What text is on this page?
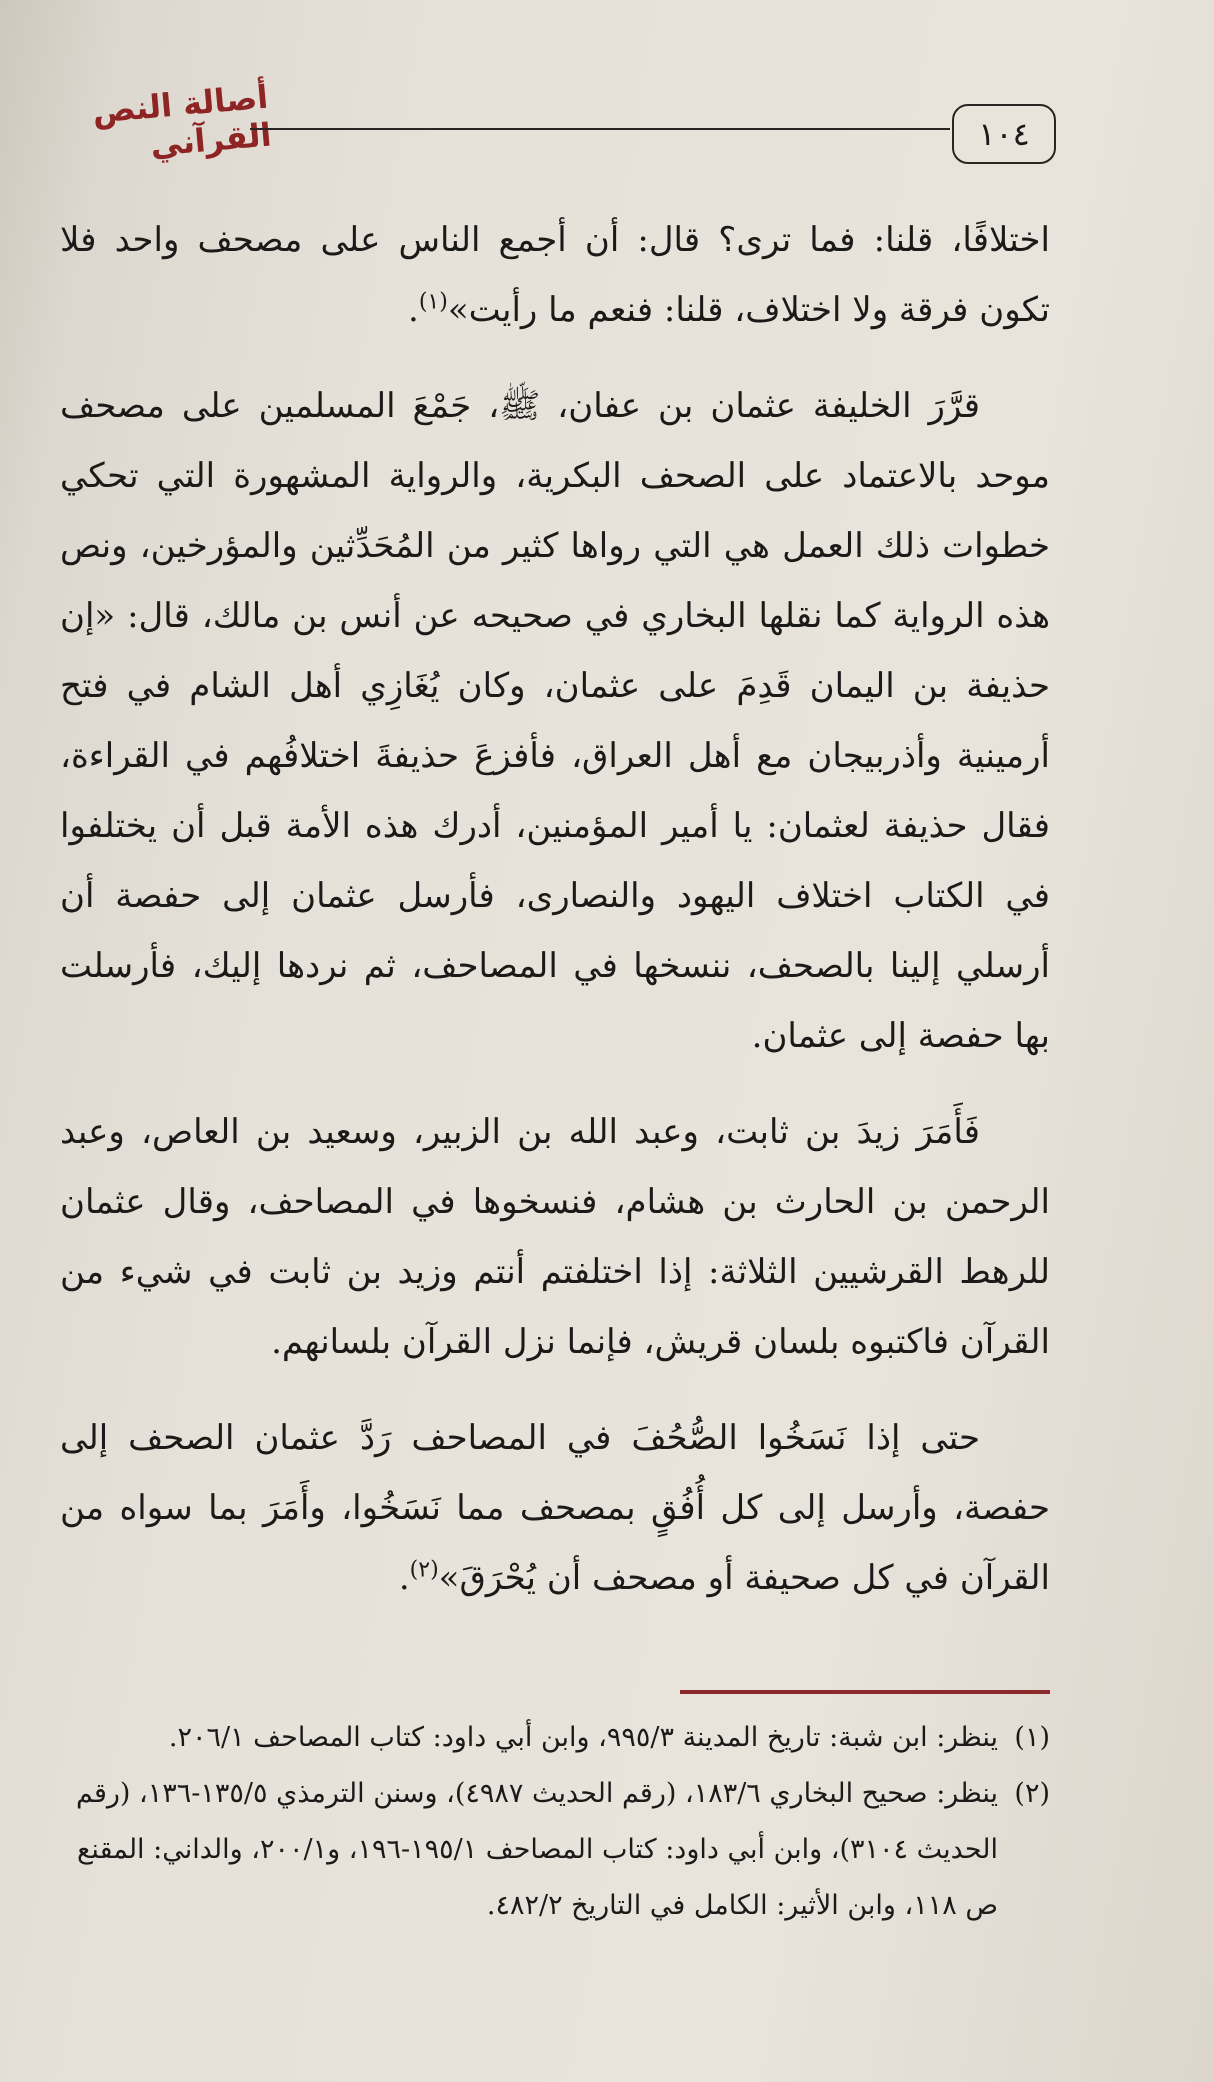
أصالة النص القرآني	١٠٤

اختلافًا، قلنا: فما ترى؟ قال: أن أجمع الناس على مصحف واحد فلا تكون فرقة ولا اختلاف، قلنا: فنعم ما رأيت»$^{(١)}$.

قرَّرَ الخليفة عثمان بن عفان، ﷺ، جَمْعَ المسلمين على مصحف موحد بالاعتماد على الصحف البكرية، والرواية المشهورة التي تحكي خطوات ذلك العمل هي التي رواها كثير من المُحَدِّثين والمؤرخين، ونص هذه الرواية كما نقلها البخاري في صحيحه عن أنس بن مالك، قال: «إن حذيفة بن اليمان قَدِمَ على عثمان، وكان يُغَازِي أهل الشام في فتح أرمينية وأذربيجان مع أهل العراق، فأفزعَ حذيفةَ اختلافُهم في القراءة، فقال حذيفة لعثمان: يا أمير المؤمنين، أدرك هذه الأمة قبل أن يختلفوا في الكتاب اختلاف اليهود والنصارى، فأرسل عثمان إلى حفصة أن أرسلي إلينا بالصحف، ننسخها في المصاحف، ثم نردها إليك، فأرسلت بها حفصة إلى عثمان.

فَأَمَرَ زيدَ بن ثابت، وعبد الله بن الزبير، وسعيد بن العاص، وعبد الرحمن بن الحارث بن هشام، فنسخوها في المصاحف، وقال عثمان للرهط القرشيين الثلاثة: إذا اختلفتم أنتم وزيد بن ثابت في شيء من القرآن فاكتبوه بلسان قريش، فإنما نزل القرآن بلسانهم.

حتى إذا نَسَخُوا الصُّحُفَ في المصاحف رَدَّ عثمان الصحف إلى حفصة، وأرسل إلى كل أُفُقٍ بمصحف مما نَسَخُوا، وأَمَرَ بما سواه من القرآن في كل صحيفة أو مصحف أن يُحْرَقَ»$^{(٢)}$.

(١)
ينظر: ابن شبة: تاريخ المدينة ٩٩٥/٣، وابن أبي داود: كتاب المصاحف ٢٠٦/١.
(٢)
ينظر: صحيح البخاري ١٨٣/٦، (رقم الحديث ٤٩٨٧)، وسنن الترمذي ١٣٥/٥-١٣٦، (رقم الحديث ٣١٠٤)، وابن أبي داود: كتاب المصاحف ١٩٥/١-١٩٦، و٢٠٠/١، والداني: المقنع ص ١١٨، وابن الأثير: الكامل في التاريخ ٤٨٢/٢.
